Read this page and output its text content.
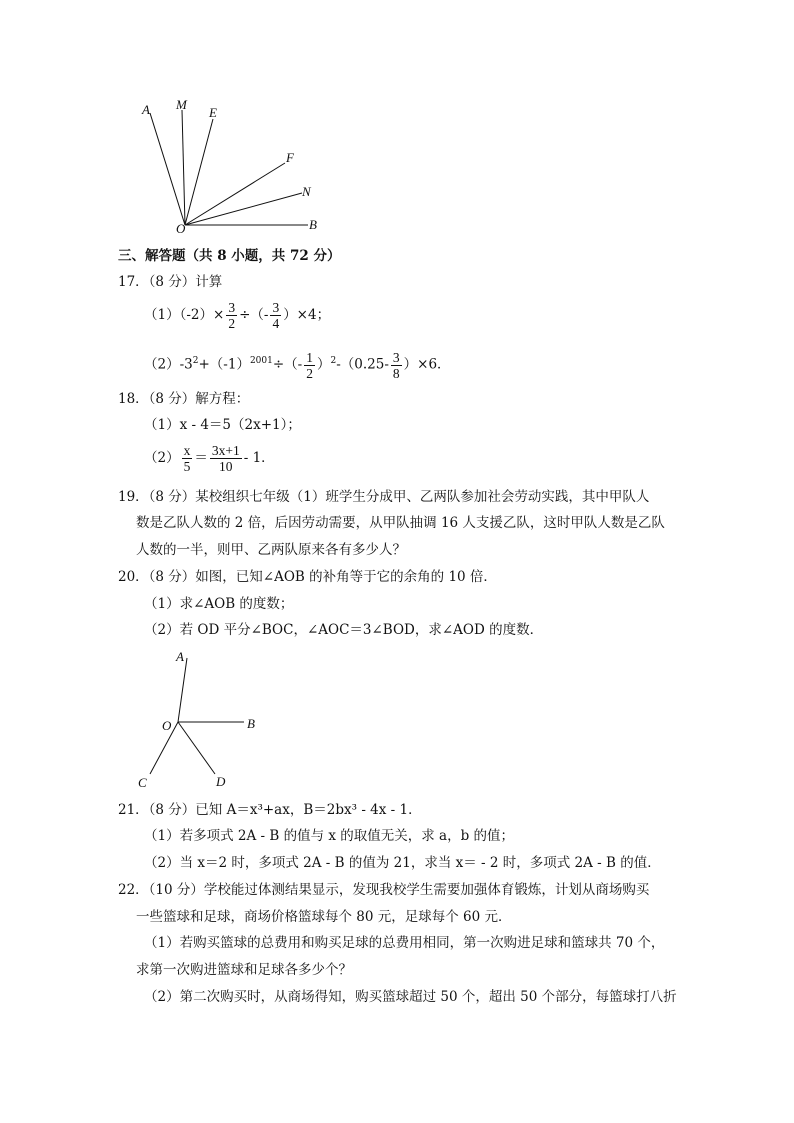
A M
E
F
N
B
O
三、解答题（共 8 小题，共 72 分）
17．（8 分）计算
$(1)(-2)\times \frac{3}{2}$ ÷（- $\frac{3}{4} )\times 4$；
$(2)-3^2+(-1)^{2001}\div(- \frac{1}{2} )^2-(0.25- \frac{3}{8} )\times 6$．
18．（8 分）解方程：
（1）x - 4＝5（2x+1）；
$(2) \frac{x}{5} = \frac{3x+1}{10} - 1$．
19．（8 分）某校组织七年级（1）班学生分成甲、乙两队参加社会劳动实践，其中甲队人
数是乙队人数的 2 倍，后因劳动需要，从甲队抽调 16 人支援乙队，这时甲队人数是乙队
人数的一半，则甲、乙两队原来各有多少人？
20．（8 分）如图，已知∠AOB 的补角等于它的余角的 10 倍．
（1）求∠AOB 的度数；
（2）若 OD 平分∠BOC，∠AOC＝3∠BOD，求∠AOD 的度数．
A
O	B
C	D
21．（8 分）已知 A＝x³+ax，B＝2bx³ - 4x - 1．
（1）若多项式 2A - B 的值与 x 的取值无关，求 a，b 的值；
（2）当 x＝2 时，多项式 2A - B 的值为 21，求当 x＝ - 2 时，多项式 2A - B 的值．
22．（10 分）学校能过体测结果显示，发现我校学生需要加强体育锻炼，计划从商场购买
一些篮球和足球，商场价格篮球每个 80 元，足球每个 60 元．
（1）若购买篮球的总费用和购买足球的总费用相同，第一次购进足球和篮球共 70 个，
求第一次购进篮球和足球各多少个？
（2）第二次购买时，从商场得知，购买篮球超过 50 个，超出 50 个部分，每篮球打八折
